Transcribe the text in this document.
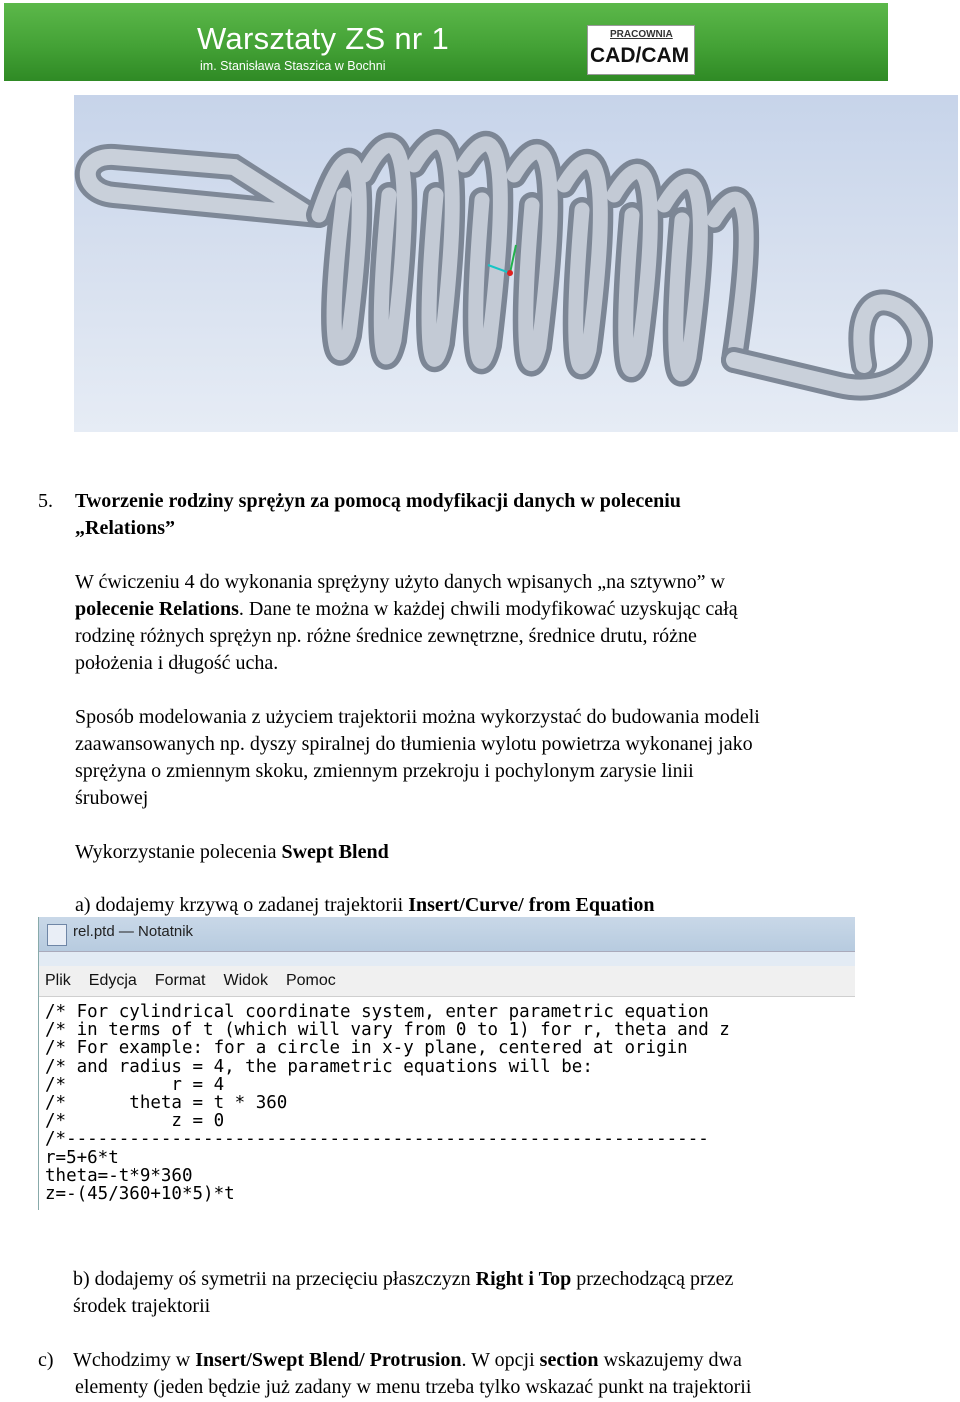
Warsztaty ZS nr 1
im. Stanisława Staszica w Bochni
PRACOWNIA
CAD/CAM
5. Tworzenie rodziny sprężyn za pomocą modyfikacji danych w poleceniu
„Relations”
W ćwiczeniu 4 do wykonania sprężyny użyto danych wpisanych „na sztywno” w
polecenie Relations. Dane te można w każdej chwili modyfikować uzyskując całą
rodzinę różnych sprężyn np. różne średnice zewnętrzne, średnice drutu, różne
położenia i długość ucha.
Sposób modelowania z użyciem trajektorii można wykorzystać do budowania modeli
zaawansowanych np. dyszy spiralnej do tłumienia wylotu powietrza wykonanej jako
sprężyna o zmiennym skoku, zmiennym przekroju i pochylonym zarysie linii
śrubowej
Wykorzystanie polecenia Swept Blend
a) dodajemy krzywą o zadanej trajektorii Insert/Curve/ from Equation
rel.ptd — Notatnik
Plik Edycja Format Widok Pomoc
/* For cylindrical coordinate system, enter parametric equation
/* in terms of t (which will vary from 0 to 1) for r, theta and z
/* For example: for a circle in x-y plane, centered at origin
/* and radius = 4, the parametric equations will be:
/*          r = 4
/*      theta = t * 360
/*          z = 0
/*-------------------------------------------------------------
r=5+6*t
theta=-t*9*360
z=-(45/360+10*5)*t
b) dodajemy oś symetrii na przecięciu płaszczyzn Right i Top przechodzącą przez
środek trajektorii
c) Wchodzimy w Insert/Swept Blend/ Protrusion. W opcji section wskazujemy dwa
elementy (jeden będzie już zadany w menu trzeba tylko wskazać punkt na trajektorii
